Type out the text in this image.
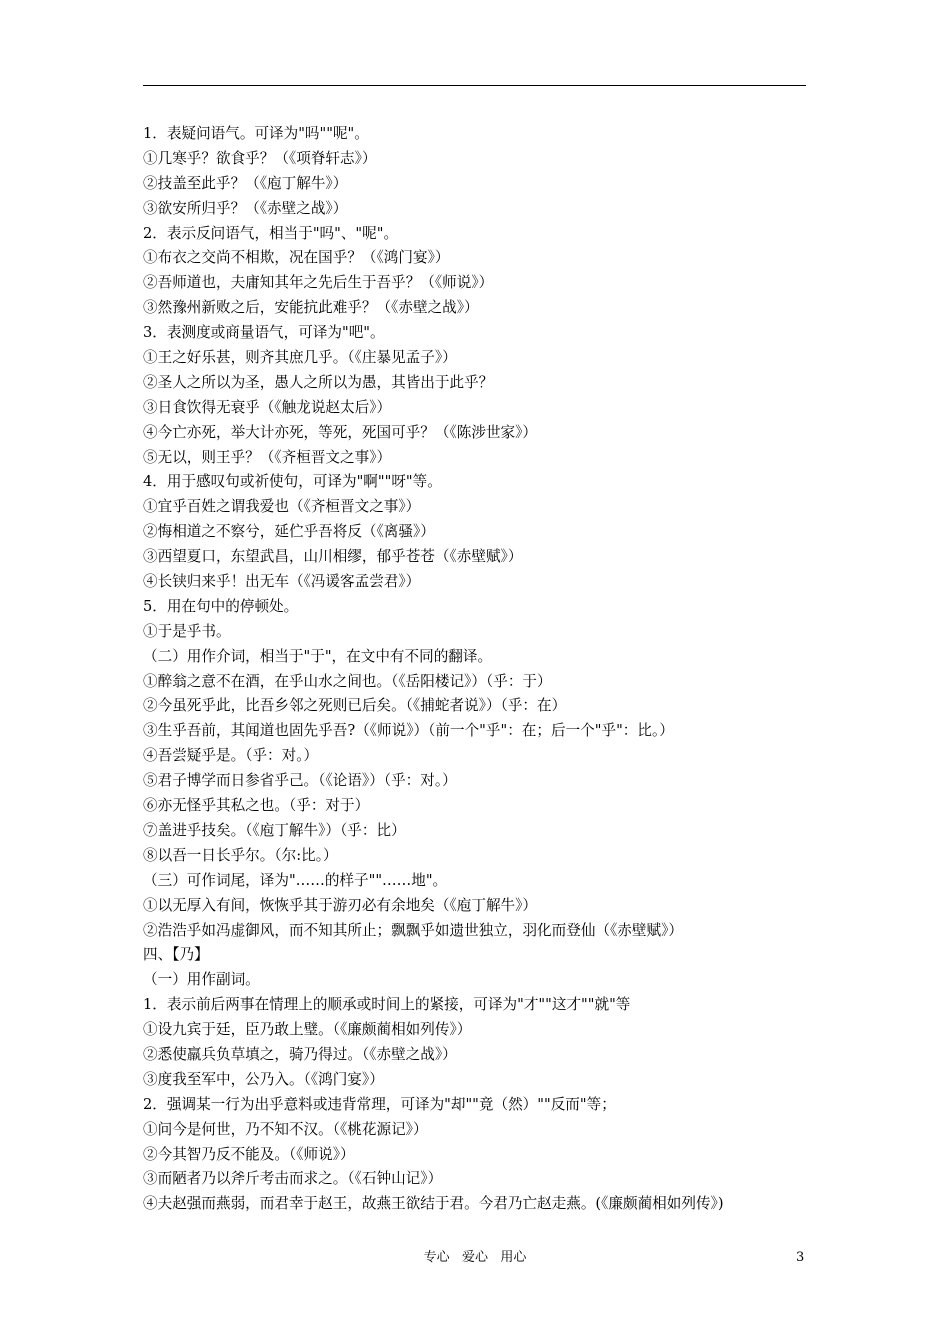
1．表疑问语气。可译为"吗""呢"。
①几寒乎？欲食乎？（《项脊轩志》）
②技盖至此乎？（《庖丁解牛》）
③欲安所归乎？（《赤壁之战》）
2．表示反问语气，相当于"吗"、"呢"。
①布衣之交尚不相欺，况在国乎？（《鸿门宴》）
②吾师道也，夫庸知其年之先后生于吾乎？（《师说》）
③然豫州新败之后，安能抗此难乎？（《赤壁之战》）
3．表测度或商量语气，可译为"吧"。
①王之好乐甚，则齐其庶几乎。（《庄暴见孟子》）
②圣人之所以为圣，愚人之所以为愚，其皆出于此乎？
③日食饮得无衰乎（《触龙说赵太后》）
④今亡亦死，举大计亦死，等死，死国可乎？（《陈涉世家》）
⑤无以，则王乎？（《齐桓晋文之事》）
4．用于感叹句或祈使句，可译为"啊""呀"等。
①宜乎百姓之谓我爱也（《齐桓晋文之事》）
②悔相道之不察兮，延伫乎吾将反（《离骚》）
③西望夏口，东望武昌，山川相缪，郁乎苍苍（《赤壁赋》）
④长铗归来乎！出无车（《冯谖客孟尝君》）
5．用在句中的停顿处。
①于是乎书。
（二）用作介词，相当于"于"，在文中有不同的翻译。
①醉翁之意不在酒，在乎山水之间也。（《岳阳楼记》）（乎：于）
②今虽死乎此，比吾乡邻之死则已后矣。（《捕蛇者说》）（乎：在）
③生乎吾前，其闻道也固先乎吾?（《师说》）（前一个"乎"：在；后一个"乎"：比。）
④吾尝疑乎是。（乎：对。）
⑤君子博学而日参省乎己。（《论语》）（乎：对。）
⑥亦无怪乎其私之也。（乎：对于）
⑦盖进乎技矣。（《庖丁解牛》）（乎：比）
⑧以吾一日长乎尔。（尔:比。）
（三）可作词尾，译为"……的样子""……地"。
①以无厚入有间，恢恢乎其于游刃必有余地矣（《庖丁解牛》）
②浩浩乎如冯虚御风，而不知其所止；飘飘乎如遗世独立，羽化而登仙（《赤壁赋》）
四、【乃】
（一）用作副词。
1．表示前后两事在情理上的顺承或时间上的紧接，可译为"才""这才""就"等
①设九宾于廷，臣乃敢上璧。（《廉颇蔺相如列传》）
②悉使羸兵负草填之，骑乃得过。（《赤壁之战》）
③度我至军中，公乃入。（《鸿门宴》）
2．强调某一行为出乎意料或违背常理，可译为"却""竟（然）""反而"等；
①问今是何世，乃不知不汉。（《桃花源记》）
②今其智乃反不能及。（《师说》）
③而陋者乃以斧斤考击而求之。（《石钟山记》）
④夫赵强而燕弱，而君幸于赵王，故燕王欲结于君。今君乃亡赵走燕。(《廉颇蔺相如列传》)
专心   爱心   用心	3
